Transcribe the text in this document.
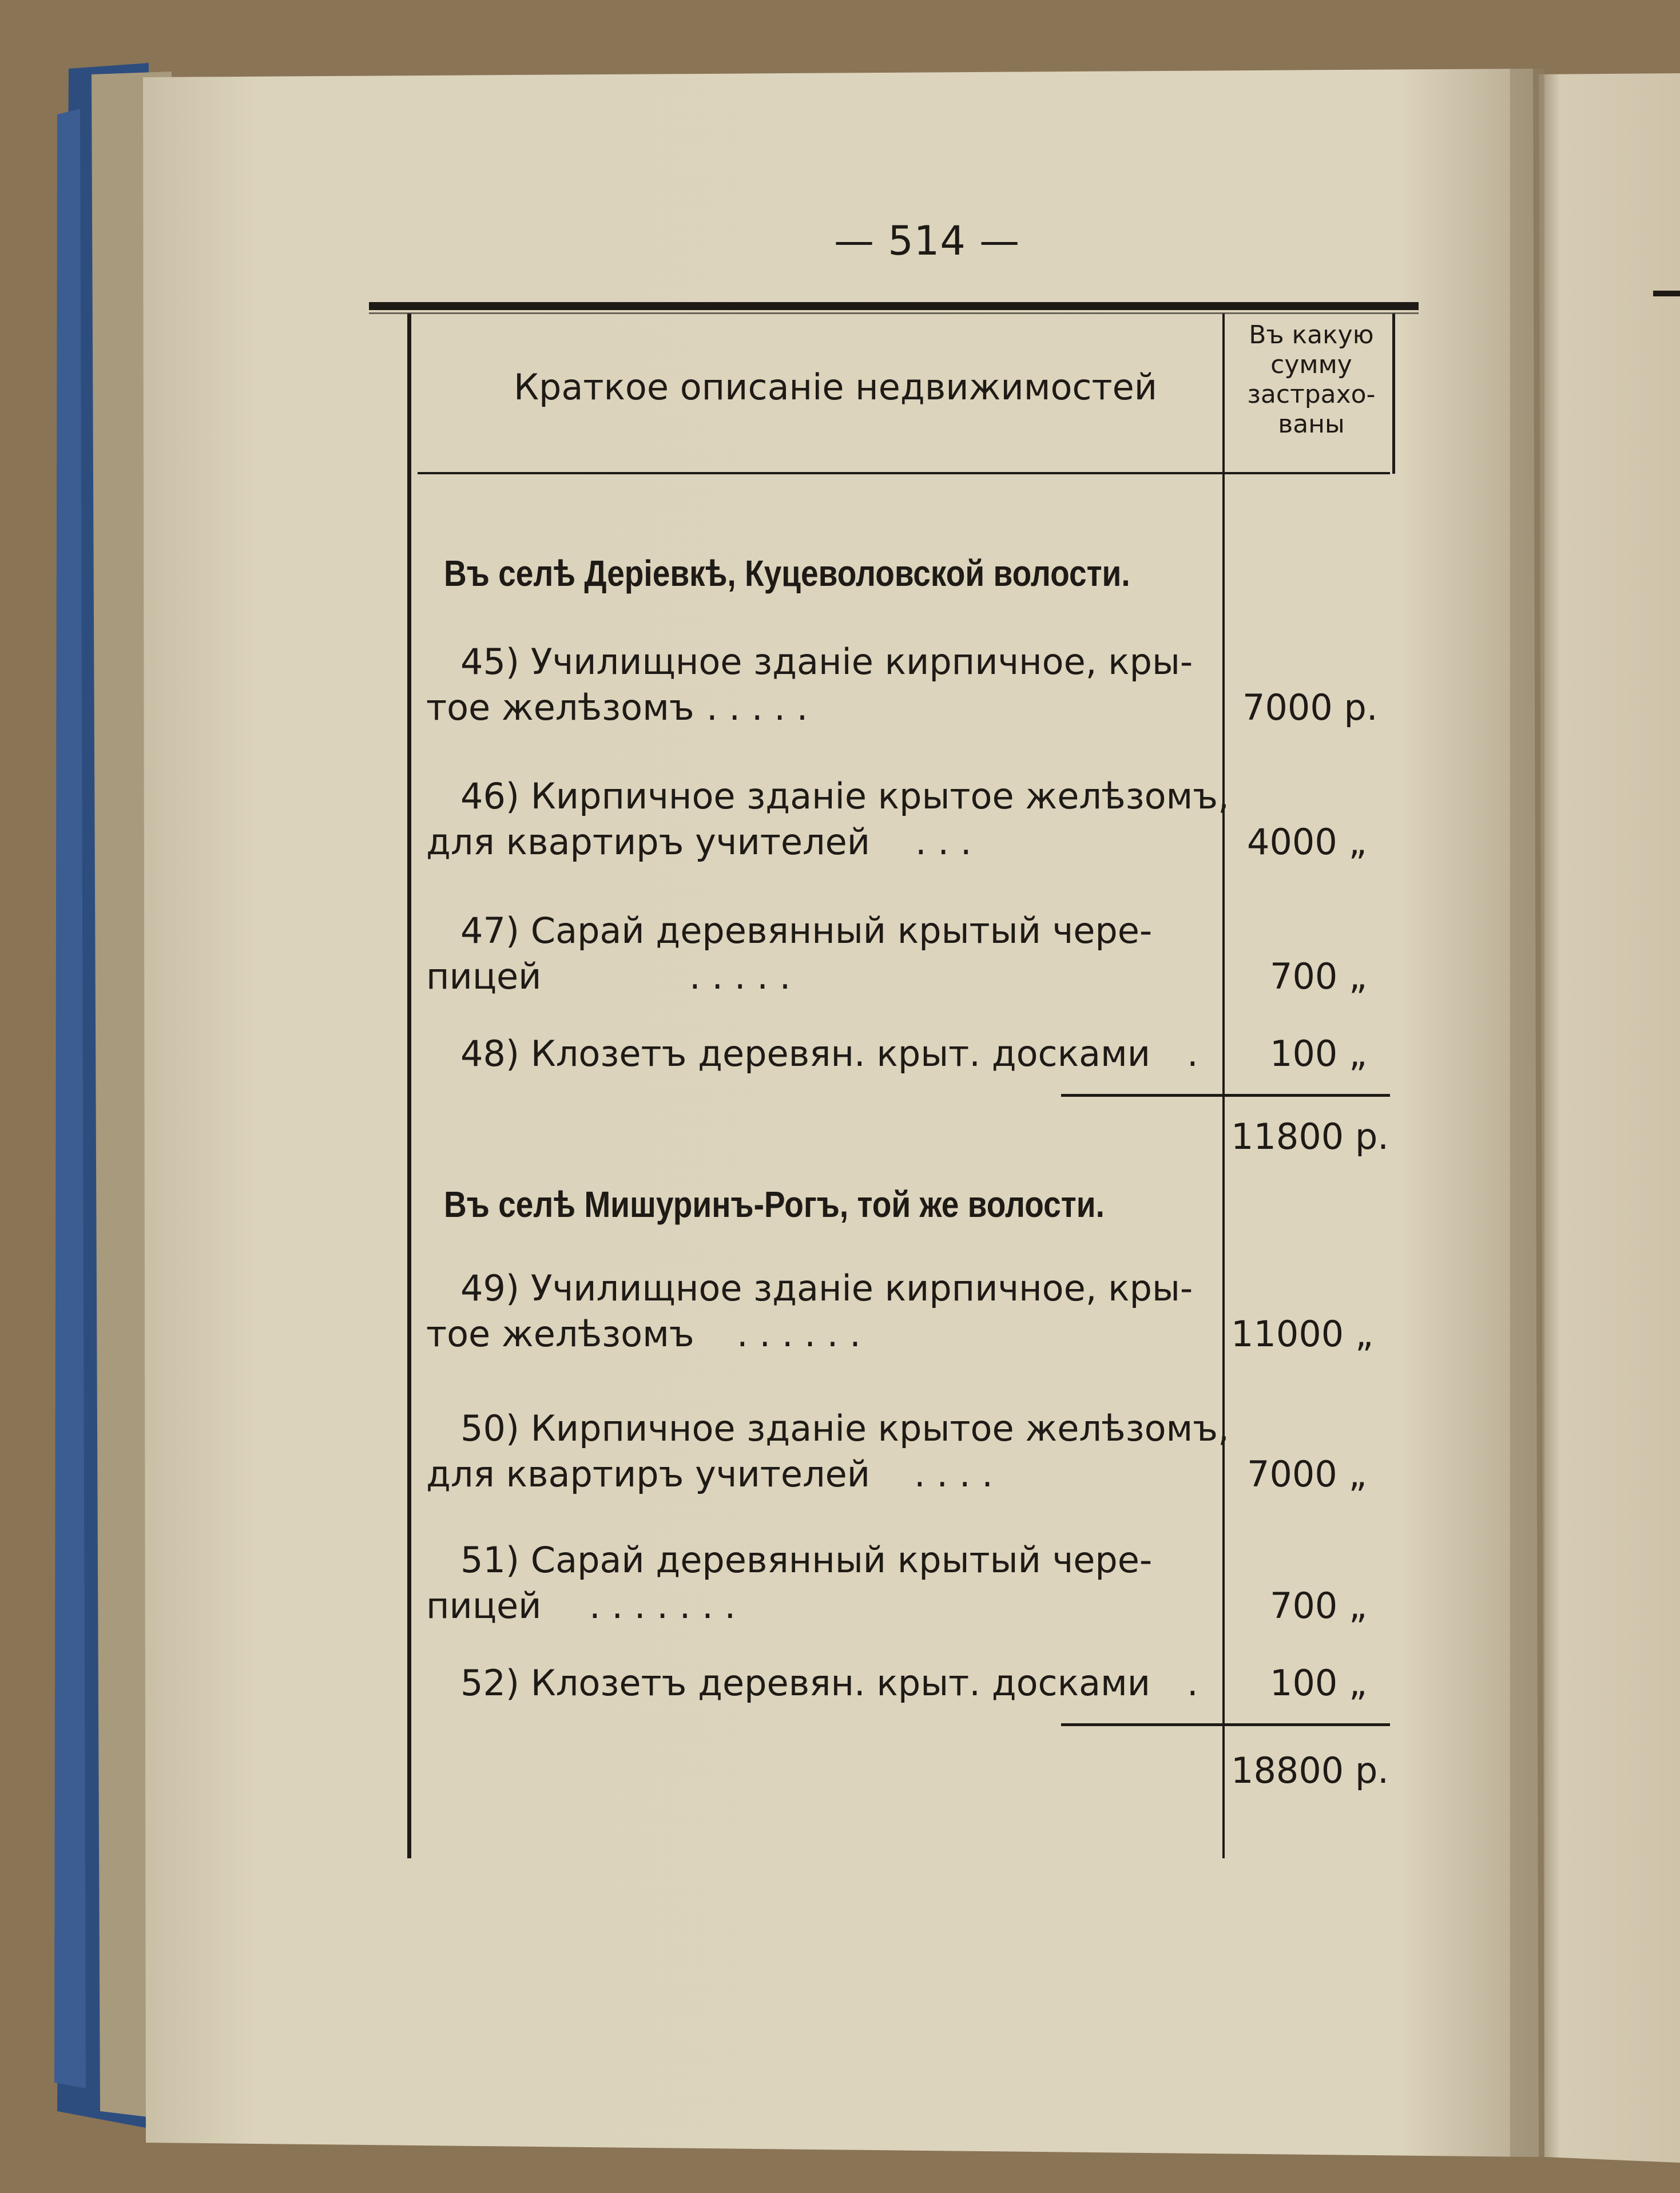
— 514 —
Краткое описанiе недвижимостей
Въ какую
сумму
застрахо-
ваны
Въ селѣ Дерiевкѣ, Куцеволовской волости.
45) Училищное зданiе кирпичное, кры-
тое желѣзомъ . . . . .	7000 р.
46) Кирпичное зданiе крытое желѣзомъ,
для квартиръ учителей . . .	4000 „
47) Сарай деревянный крытый чере-
пицей	. . . . .	700 „
48) Клозетъ деревян. крыт. досками . 100 „
11800 р.
Въ селѣ Мишуринъ-Рогъ, той же волости.
49) Училищное зданiе кирпичное, кры-
тое желѣзомъ . . . . . .	11000 „
50) Кирпичное зданiе крытое желѣзомъ,
для квартиръ учителей . . . .	7000 „
51) Сарай деревянный крытый чере-
пицей . . . . . . .	700 „
52) Клозетъ деревян. крыт. досками . 100 „
18800 р.
